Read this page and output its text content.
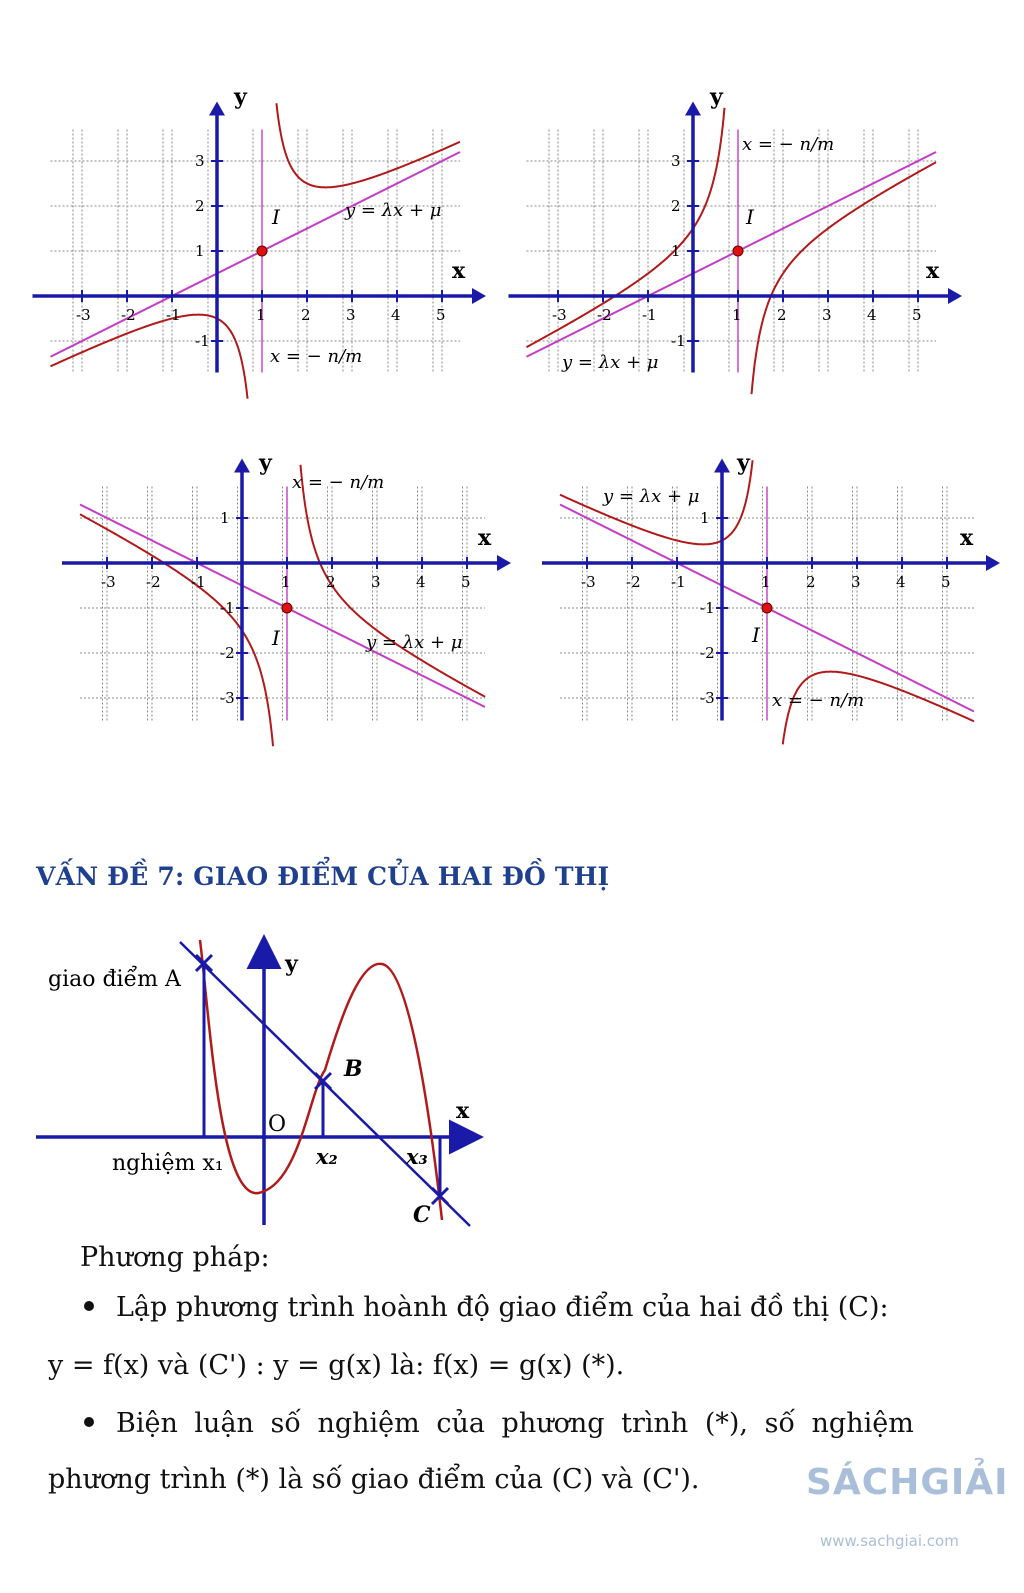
-3 -2 -1	1 2 3 4 5
3
2
1
-1
y
x
I	y = λx + μ
x = − n/m
-3 -2 -1	1 2 3 4 5
3
2
1
-1
y
x
I
y = λx + μ
x = − n/m
-3 -2 -1	1 2 3 4 5
1
-1
-2
-3
y
x
I	y = λx + μ
x = − n/m
-3 -2 -1	1 2 3 4 5
1
-1
-2
-3
y
x
I
y = λx + μ
x = − n/m
VẤN ĐỀ 7: GIAO ĐIỂM CỦA HAI ĐỒ THỊ
giao điểm A
B
C
O
x
y
nghiệm x₁	x₂	x₃

Phương pháp:

Lập phương trình hoành độ giao điểm của hai đồ thị (C):

y = f(x) và (C') : y = g(x) là: f(x) = g(x) (*).

Biện luận số nghiệm của phương trình (*), số nghiệm

phương trình (*) là số giao điểm của (C) và (C').	SÁCHGIẢI
www.sachgiai.com
